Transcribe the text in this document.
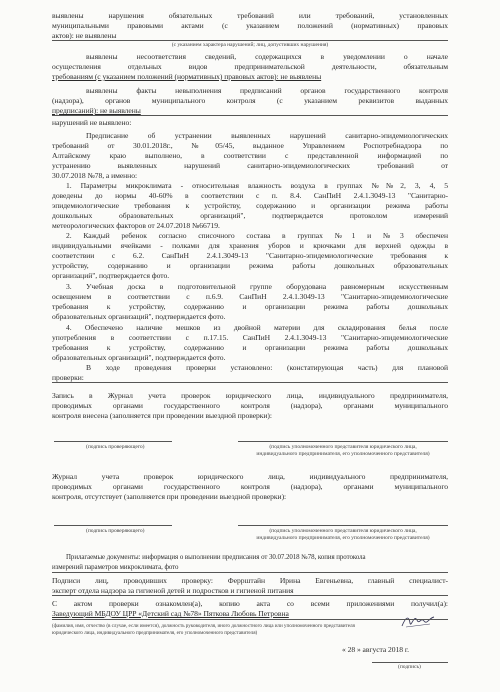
выявлены нарушения обязательных требований или требований, установленных
муниципальными правовыми актами (с указанием положений (нормативных) правовых
актов): не выявлены
(с указанием характера нарушений; лиц, допустивших нарушения)
выявлены несоответствия сведений, содержащихся в уведомлении о начале
осуществления отдельных видов предпринимательской деятельности, обязательным
требованиям (с указанием положений (нормативных) правовых актов): не выявлены
выявлены факты невыполнения предписаний органов государственного контроля
(надзора), органов муниципального контроля (с указанием реквизитов выданных
предписаний): не выявлены
нарушений не выявлено:
Предписание об устранении выявленных нарушений санитарно-эпидемиологических
требований от 30.01.2018г., №05/45, выданное Управлением Роспотребнадзора по
Алтайскому краю выполнено, в соответствии с представленной информацией по
устранению выявленных нарушений санитарно-эпидемиологических требований от
30.07.2018 №78, а именно:
1. Параметры микроклимата - относительная влажность воздуха в группах №№2, 3, 4, 5
доведены до нормы 40-60% в соответствии с п. 8.4. СанПиН 2.4.1.3049-13 "Санитарно-
эпидемиологические требования к устройству, содержанию и организации режима работы
дошкольных образовательных организаций", подтверждается протоколом измерений
метеорологических факторов от 24.07.2018 №66719.
2. Каждый ребенок согласно списочного состава в группах №1 и №3 обеспечен
индивидуальными ячейками - полками для хранения уборов и крючками для верхней одежды в
соответствии с 6.2. СанПиН 2.4.1.3049-13 "Санитарно-эпидемиологические требования к
устройству, содержанию и организации режима работы дошкольных образовательных
организаций", подтверждается фото.
3. Учебная доска в подготовительной группе оборудована равномерным искусственным
освещением в соответствии с п.6.9. СанПиН 2.4.1.3049-13 "Санитарно-эпидемиологические
требования к устройству, содержанию и организации режима работы дошкольных
образовательных организаций", подтверждается фото.
4. Обеспечено наличие мешков из двойной материи для складирования белья после
употребления в соответствии с п.17.15. СанПиН 2.4.1.3049-13 "Санитарно-эпидемиологические
требования к устройству, содержанию и организации режима работы дошкольных
образовательных организаций", подтверждается фото.
В ходе проведения проверки установлено: (констатирующая часть) для плановой
проверки:
Запись в Журнал учета проверок юридического лица, индивидуального предпринимателя,
проводимых органами государственного контроля (надзора), органами муниципального
контроля внесена (заполняется при проведении выездной проверки):
(подпись проверяющего)	(подпись уполномоченного представителя юридического лица,
индивидуального предпринимателя, его уполномоченного представителя)
Журнал учета проверок юридического лица, индивидуального предпринимателя,
проводимых органами государственного контроля (надзора), органами муниципального
контроля, отсутствует (заполняется при проведении выездной проверки):
(подпись проверяющего)	(подпись уполномоченного представителя юридического лица,
индивидуального предпринимателя, его уполномоченного представителя)
Прилагаемые документы: информация о выполнении предписания от 30.07.2018 №78, копия протокола
измерений параметров микроклимата, фото
Подписи лиц, проводивших проверку: Феррштайн Ирина Евгеньевна, главный специалист-
эксперт отдела надзора за гигиеной детей и подростков и гигиеной питания
С актом проверки ознакомлен(а), копию акта со всеми приложениями получил(а):
Заведующий МБДОУ ЦРР «Детский сад №78» Пяткова Любовь Петровна
(фамилия, имя, отчество (в случае, если имеется), должность руководителя, иного должностного лица или уполномоченного представителя
юридического лица, индивидуального предпринимателя, его уполномоченного представителя)
« 28 » августа 2018 г.
(подпись)
